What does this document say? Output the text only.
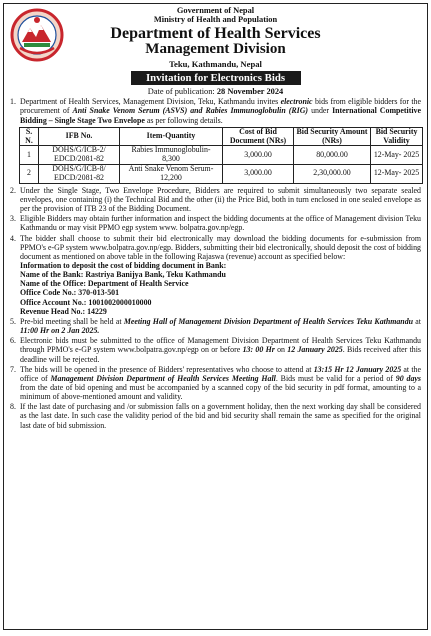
Government of Nepal
Ministry of Health and Population
Department of Health Services
Management Division
Teku, Kathmandu, Nepal
Invitation for Electronics Bids
Date of publication: 28 November 2024
1. Department of Health Services, Management Division, Teku, Kathmandu invites electronic bids from eligible bidders for the procurement of Anti Snake Venom Serum (ASVS) and Rabies Immunoglobulin (RIG) under International Competitive Bidding – Single Stage Two Envelope as per following details.
S. N.	IFB No.	Item-Quantity	Cost of Bid Document (NRs)	Bid Security Amount (NRs)	Bid Security Validity
1	DOHS/G/ICB-2/ EDCD/2081-82	Rabies Immunoglobulin- 8,300	3,000.00	80,000.00	12-May- 2025
2	DOHS/G/ICB-8/ EDCD/2081-82	Anti Snake Venom Serum-12,200	3,000.00	2,30,000.00	12-May- 2025
2. Under the Single Stage, Two Envelope Procedure, Bidders are required to submit simultaneously two separate sealed envelopes, one containing (i) the Technical Bid and the other (ii) the Price Bid, both in turn enclosed in one sealed envelope as per the provision of ITB 23 of the Bidding Document.
3. Eligible Bidders may obtain further information and inspect the bidding documents at the office of Management division Teku Kathmandu or may visit PPMO egp system www. bolpatra.gov.np/egp.
4. The bidder shall choose to submit their bid electronically may download the bidding documents for e-submission from PPMO's e-GP system www.bolpatra.gov.np/egp. Bidders, submitting their bid electronically, should deposit the cost of bidding document as mentioned on above table in the following Rajaswa (revenue) account as specified below:
Information to deposit the cost of bidding document in Bank:
Name of the Bank: Rastriya Banijya Bank, Teku Kathmandu
Name of the Office: Department of Health Service
Office Code No.: 370-013-501
Office Account No.: 1001002000010000
Revenue Head No.: 14229
5. Pre-bid meeting shall be held at Meeting Hall of Management Division Department of Health Services Teku Kathmandu at 11:00 Hr on 2 Jan 2025.
6. Electronic bids must be submitted to the office of Management Division Department of Health Services Teku Kathmandu through PPMO's e-GP system www.bolpatra.gov.np/egp on or before 13: 00 Hr on 12 January 2025. Bids received after this deadline will be rejected.
7. The bids will be opened in the presence of Bidders' representatives who choose to attend at 13:15 Hr 12 January 2025 at the office of Management Division Department of Health Services Meeting Hall. Bids must be valid for a period of 90 days from the date of bid opening and must be accompanied by a scanned copy of the bid security in pdf format, amounting to a minimum of above-mentioned amount and validity.
8. If the last date of purchasing and /or submission falls on a government holiday, then the next working day shall be considered as the last date. In such case the validity period of the bid and bid security shall remain the same as specified for the original last date of bid submission.
